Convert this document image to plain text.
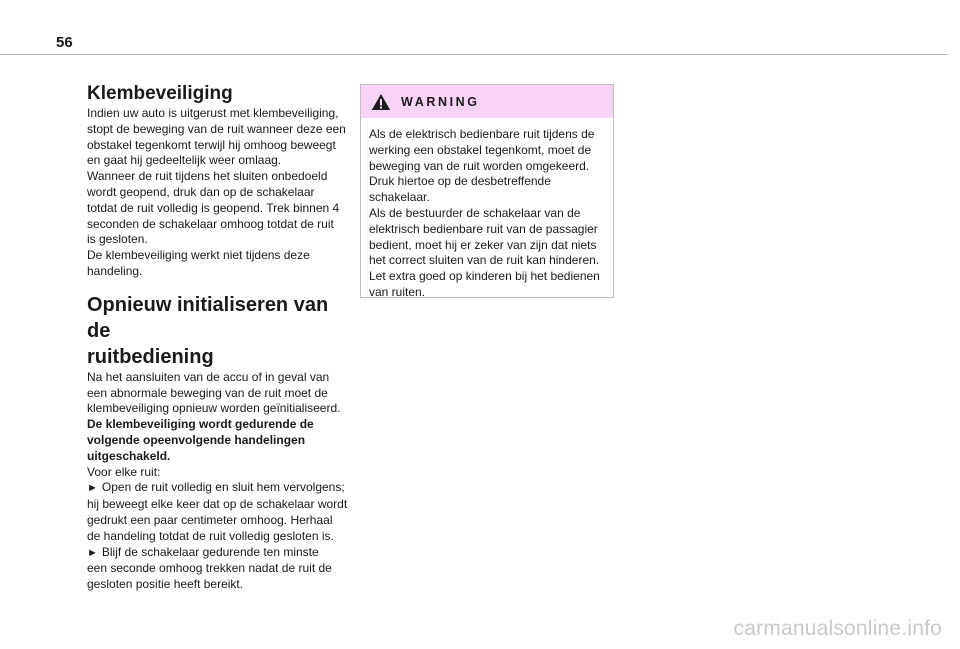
56
Klembeveiliging

Indien uw auto is uitgerust met klembeveiliging,

stopt de beweging van de ruit wanneer deze een

obstakel tegenkomt terwijl hij omhoog beweegt

en gaat hij gedeeltelijk weer omlaag.

Wanneer de ruit tijdens het sluiten onbedoeld

wordt geopend, druk dan op de schakelaar

totdat de ruit volledig is geopend. Trek binnen 4

seconden de schakelaar omhoog totdat de ruit

is gesloten.

De klembeveiliging werkt niet tijdens deze

handeling.

Opnieuw initialiseren van de
ruitbediening

Na het aansluiten van de accu of in geval van

een abnormale beweging van de ruit moet de

klembeveiliging opnieuw worden geïnitialiseerd.

De klembeveiliging wordt gedurende de

volgende opeenvolgende handelingen

uitgeschakeld.

Voor elke ruit:

► Open de ruit volledig en sluit hem vervolgens;

hij beweegt elke keer dat op de schakelaar wordt

gedrukt een paar centimeter omhoog. Herhaal

de handeling totdat de ruit volledig gesloten is.

► Blijf de schakelaar gedurende ten minste

een seconde omhoog trekken nadat de ruit de

gesloten positie heeft bereikt.

WARNING

Als de elektrisch bedienbare ruit tijdens de

werking een obstakel tegenkomt, moet de

beweging van de ruit worden omgekeerd.

Druk hiertoe op de desbetreffende

schakelaar.

Als de bestuurder de schakelaar van de

elektrisch bedienbare ruit van de passagier

bedient, moet hij er zeker van zijn dat niets

het correct sluiten van de ruit kan hinderen.

Let extra goed op kinderen bij het bedienen

van ruiten.

carmanualsonline.info
